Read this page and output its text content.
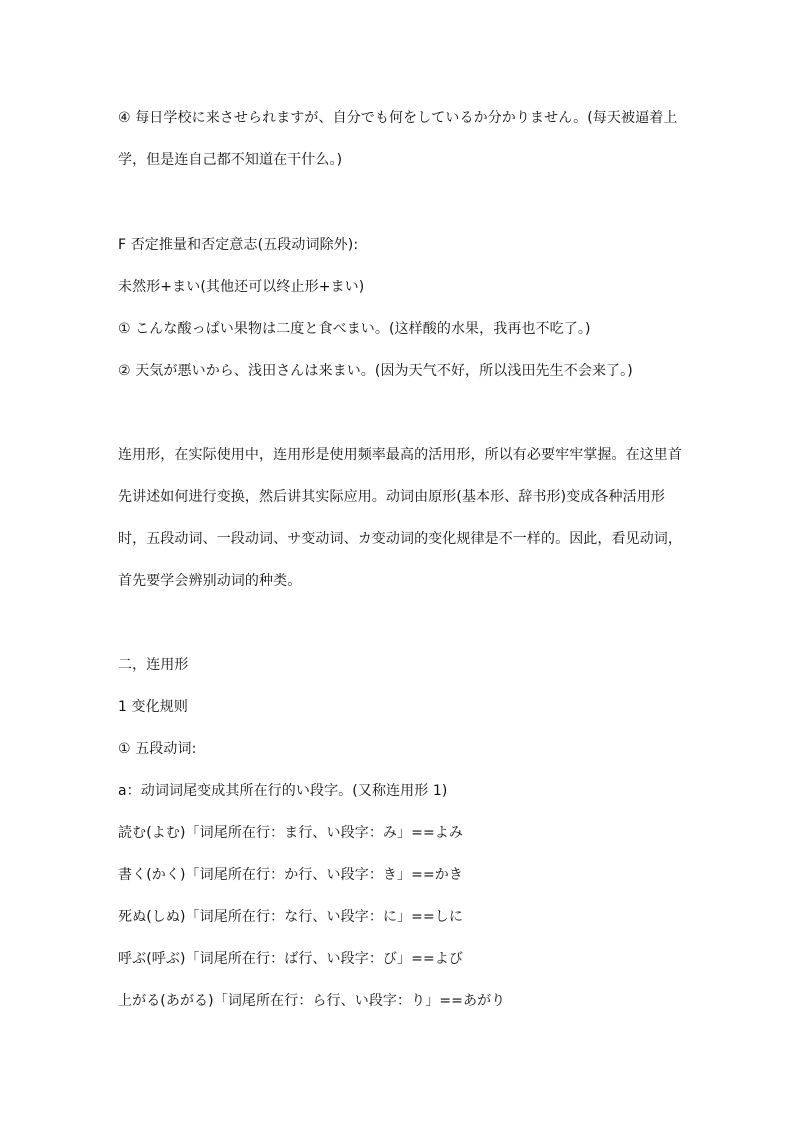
④ 每日学校に来させられますが、自分でも何をしているか分かりません。(每天被逼着上
学，但是连自己都不知道在干什么。)
F 否定推量和否定意志(五段动词除外):
未然形+まい(其他还可以终止形+まい)
① こんな酸っぱい果物は二度と食べまい。(这样酸的水果，我再也不吃了。)
② 天気が悪いから、浅田さんは来まい。(因为天气不好，所以浅田先生不会来了。)
连用形，在实际使用中，连用形是使用频率最高的活用形，所以有必要牢牢掌握。在这里首
先讲述如何进行变换，然后讲其实际应用。动词由原形(基本形、辞书形)变成各种活用形
时，五段动词、一段动词、サ变动词、カ变动词的变化规律是不一样的。因此，看见动词，
首先要学会辨别动词的种类。
二，连用形
1 变化规则
① 五段动词:
a：动词词尾变成其所在行的い段字。(又称连用形 1)
読む(よむ)「词尾所在行：ま行、い段字：み」==よみ
書く(かく)「词尾所在行：か行、い段字：き」==かき
死ぬ(しぬ)「词尾所在行：な行、い段字：に」==しに
呼ぶ(呼ぶ)「词尾所在行：ば行、い段字：び」==よび
上がる(あがる)「词尾所在行：ら行、い段字：り」==あがり
